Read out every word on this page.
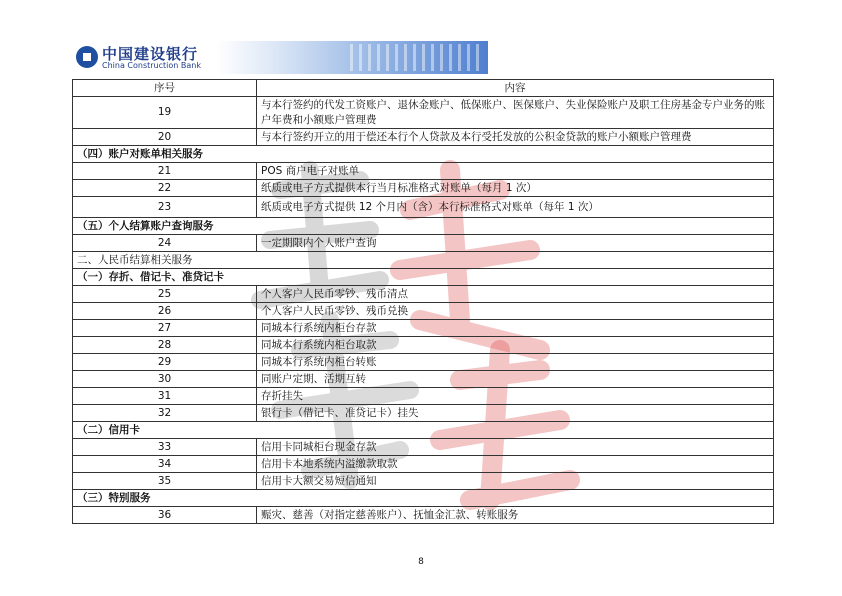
中国建设银行
China Construction Bank
序号	内容
19	与本行签约的代发工资账户、退休金账户、低保账户、医保账户、失业保险账户及职工住房基金专户业务的账户年费和小额账户管理费
20	与本行签约开立的用于偿还本行个人贷款及本行受托发放的公积金贷款的账户小额账户管理费
（四）账户对账单相关服务	
21	POS 商户电子对账单
22	纸质或电子方式提供本行当月标准格式对账单（每月 1 次）
23	纸质或电子方式提供 12 个月内（含）本行标准格式对账单（每年 1 次）
（五）个人结算账户查询服务	
24	一定期限内个人账户查询
二、人民币结算相关服务	
（一）存折、借记卡、准贷记卡	
25	个人客户人民币零钞、残币清点
26	个人客户人民币零钞、残币兑换
27	同城本行系统内柜台存款
28	同城本行系统内柜台取款
29	同城本行系统内柜台转账
30	同账户定期、活期互转
31	存折挂失
32	银行卡（借记卡、准贷记卡）挂失
（二）信用卡	
33	信用卡同城柜台现金存款
34	信用卡本地系统内溢缴款取款
35	信用卡大额交易短信通知
（三）特别服务	
36	赈灾、慈善（对指定慈善账户）、抚恤金汇款、转账服务
8
